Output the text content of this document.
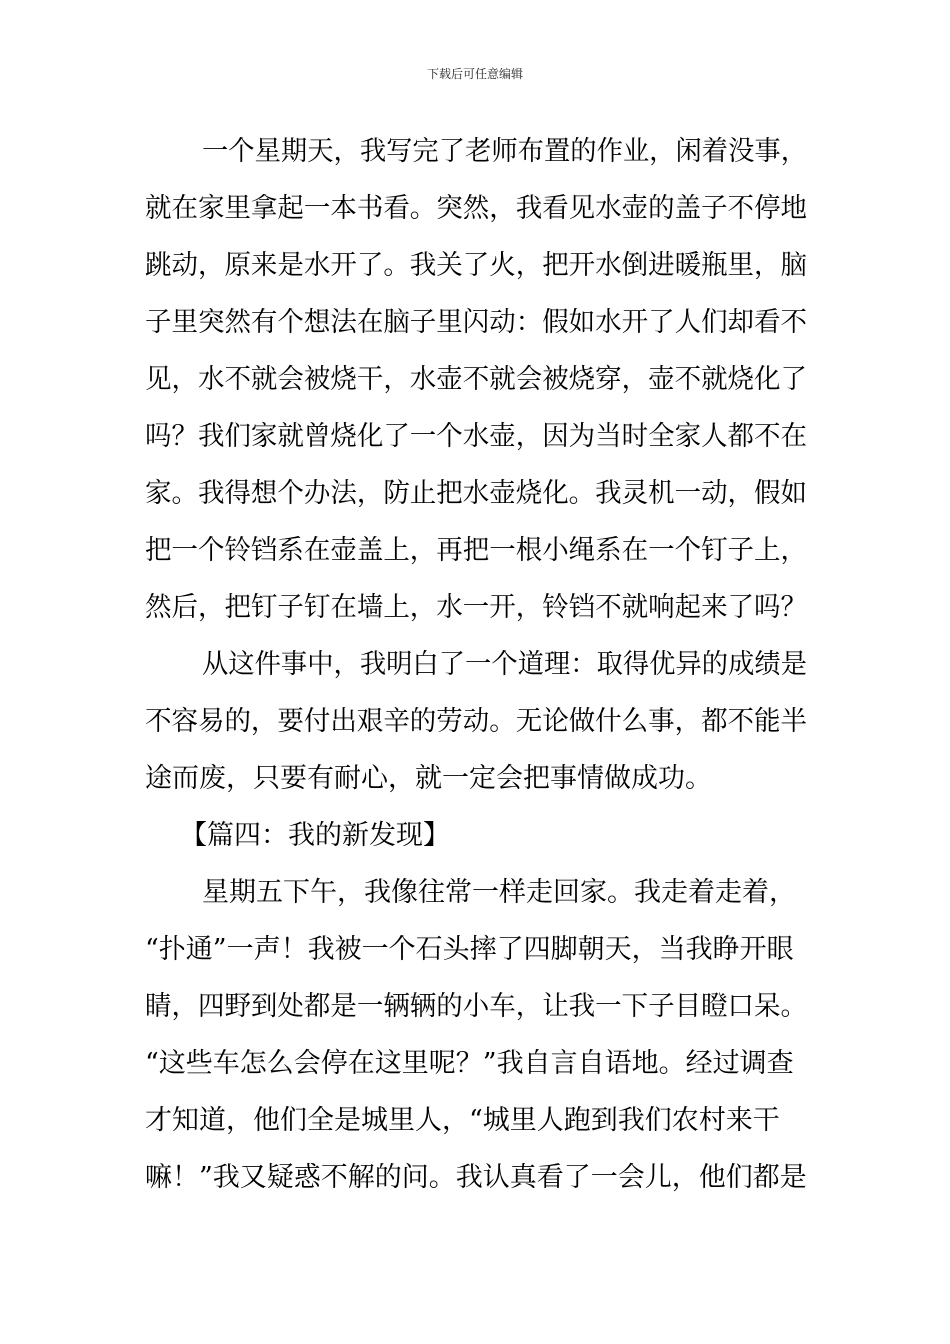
下载后可任意编辑
一个星期天，我写完了老师布置的作业，闲着没事，
就在家里拿起一本书看。突然，我看见水壶的盖子不停地
跳动，原来是水开了。我关了火，把开水倒进暖瓶里，脑
子里突然有个想法在脑子里闪动：假如水开了人们却看不
见，水不就会被烧干，水壶不就会被烧穿，壶不就烧化了
吗？我们家就曾烧化了一个水壶，因为当时全家人都不在
家。我得想个办法，防止把水壶烧化。我灵机一动，假如
把一个铃铛系在壶盖上，再把一根小绳系在一个钉子上，
然后，把钉子钉在墙上，水一开，铃铛不就响起来了吗？
从这件事中，我明白了一个道理：取得优异的成绩是
不容易的，要付出艰辛的劳动。无论做什么事，都不能半
途而废，只要有耐心，就一定会把事情做成功。
【篇四：我的新发现】
星期五下午，我像往常一样走回家。我走着走着，
“扑通”一声！我被一个石头摔了四脚朝天，当我睁开眼
睛，四野到处都是一辆辆的小车，让我一下子目瞪口呆。
“这些车怎么会停在这里呢？”我自言自语地。经过调查
才知道，他们全是城里人，“城里人跑到我们农村来干
嘛！”我又疑惑不解的问。我认真看了一会儿，他们都是
